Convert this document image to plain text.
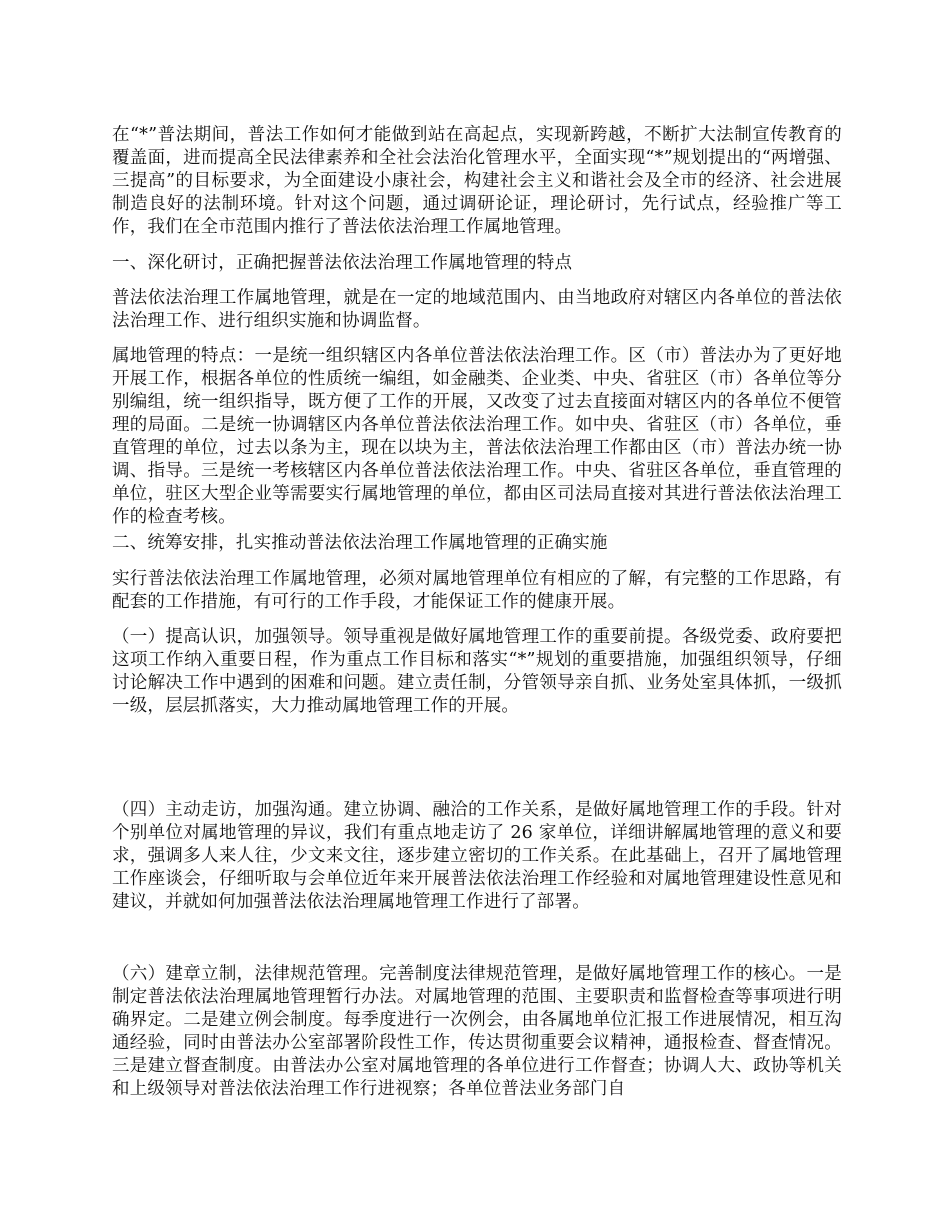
在“*”普法期间，普法工作如何才能做到站在高起点，实现新跨越，不断扩大法制宣传教育的覆盖面，进而提高全民法律素养和全社会法治化管理水平，全面实现“*”规划提出的“两增强、三提高”的目标要求，为全面建设小康社会，构建社会主义和谐社会及全市的经济、社会进展制造良好的法制环境。针对这个问题，通过调研论证，理论研讨，先行试点，经验推广等工作，我们在全市范围内推行了普法依法治理工作属地管理。

一、深化研讨，正确把握普法依法治理工作属地管理的特点

普法依法治理工作属地管理，就是在一定的地域范围内、由当地政府对辖区内各单位的普法依法治理工作、进行组织实施和协调监督。

属地管理的特点：一是统一组织辖区内各单位普法依法治理工作。区（市）普法办为了更好地开展工作，根据各单位的性质统一编组，如金融类、企业类、中央、省驻区（市）各单位等分别编组，统一组织指导，既方便了工作的开展，又改变了过去直接面对辖区内的各单位不便管理的局面。二是统一协调辖区内各单位普法依法治理工作。如中央、省驻区（市）各单位，垂直管理的单位，过去以条为主，现在以块为主，普法依法治理工作都由区（市）普法办统一协调、指导。三是统一考核辖区内各单位普法依法治理工作。中央、省驻区各单位，垂直管理的单位，驻区大型企业等需要实行属地管理的单位，都由区司法局直接对其进行普法依法治理工作的检查考核。

二、统筹安排，扎实推动普法依法治理工作属地管理的正确实施

实行普法依法治理工作属地管理，必须对属地管理单位有相应的了解，有完整的工作思路，有配套的工作措施，有可行的工作手段，才能保证工作的健康开展。

（一）提高认识，加强领导。领导重视是做好属地管理工作的重要前提。各级党委、政府要把这项工作纳入重要日程，作为重点工作目标和落实“*”规划的重要措施，加强组织领导，仔细讨论解决工作中遇到的困难和问题。建立责任制，分管领导亲自抓、业务处室具体抓，一级抓一级，层层抓落实，大力推动属地管理工作的开展。

（四）主动走访，加强沟通。建立协调、融洽的工作关系，是做好属地管理工作的手段。针对个别单位对属地管理的异议，我们有重点地走访了 26 家单位，详细讲解属地管理的意义和要求，强调多人来人往，少文来文往，逐步建立密切的工作关系。在此基础上，召开了属地管理工作座谈会，仔细听取与会单位近年来开展普法依法治理工作经验和对属地管理建设性意见和建议，并就如何加强普法依法治理属地管理工作进行了部署。

（六）建章立制，法律规范管理。完善制度法律规范管理，是做好属地管理工作的核心。一是制定普法依法治理属地管理暂行办法。对属地管理的范围、主要职责和监督检查等事项进行明确界定。二是建立例会制度。每季度进行一次例会，由各属地单位汇报工作进展情况，相互沟通经验，同时由普法办公室部署阶段性工作，传达贯彻重要会议精神，通报检查、督查情况。三是建立督查制度。由普法办公室对属地管理的各单位进行工作督查；协调人大、政协等机关和上级领导对普法依法治理工作行进视察；各单位普法业务部门自
